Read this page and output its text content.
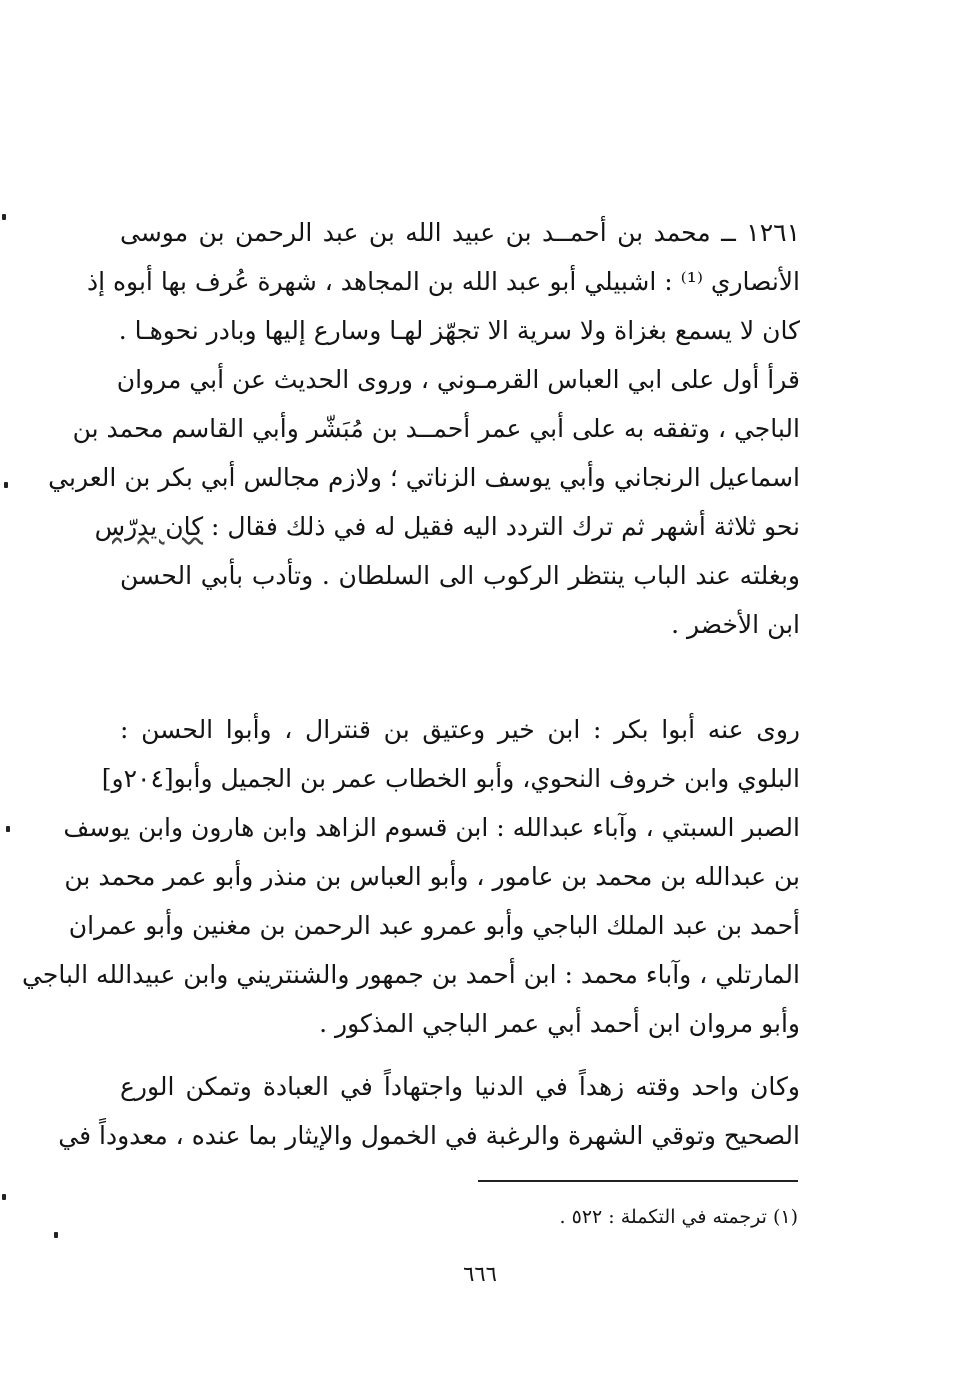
١٢٦١ ــ محمد بن أحمــد بن عبيد الله بن عبد الرحمن بن موسى
الأنصاري ⁽¹⁾ : اشبيلي أبو عبد الله بن المجاهد ، شهرة عُرف بها أبوه إذ
كان لا يسمع بغزاة ولا سرية الا تجهّز لهـا وسارع إليها وبادر نحوهـا .
قرأ أول على ابي العباس القرمـوني ، وروى الحديث عن أبي مروان
الباجي ، وتفقه به على أبي عمر أحمــد بن مُبَشّر وأبي القاسم محمد بن
اسماعيل الرنجاني وأبي يوسف الزناتي ؛ ولازم مجالس أبي بكر بن العربي
نحو ثلاثة أشهر ثم ترك التردد اليه فقيل له في ذلك فقال : كان يدرّس
وبغلته عند الباب ينتظر الركوب الى السلطان . وتأدب بأبي الحسن
ابن الأخضر .
روى عنه أبوا بكر : ابن خير وعتيق بن قنترال ، وأبوا الحسن :
البلوي وابن خروف النحوي، وأبو الخطاب عمر بن الجميل وأبو[٢٠٤و]
الصبر السبتي ، وآباء عبدالله : ابن قسوم الزاهد وابن هارون وابن يوسف
بن عبدالله بن محمد بن عامور ، وأبو العباس بن منذر وأبو عمر محمد بن
أحمد بن عبد الملك الباجي وأبو عمرو عبد الرحمن بن مغنين وأبو عمران
المارتلي ، وآباء محمد : ابن أحمد بن جمهور والشنتريني وابن عبيدالله الباجي
وأبو مروان ابن أحمد أبي عمر الباجي المذكور .
وكان واحد وقته زهداً في الدنيا واجتهاداً في العبادة وتمكن الورع
الصحيح وتوقي الشهرة والرغبة في الخمول والإيثار بما عنده ، معدوداً في
(١) ترجمته في التكملة : ٥٢٢ .
٦٦٦
